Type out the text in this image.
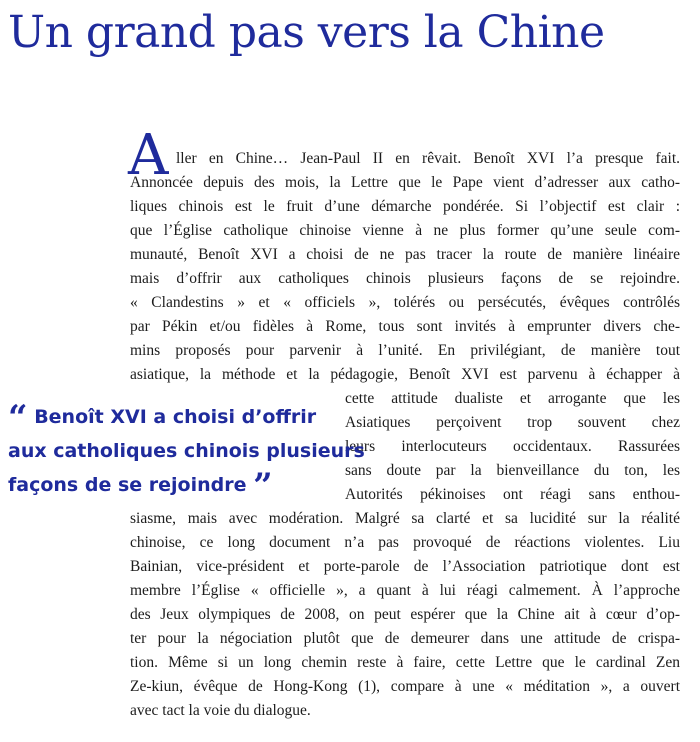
Un grand pas vers la Chine
A ller en Chine… Jean-Paul II en rêvait. Benoît XVI l’a presque fait.

Annoncée depuis des mois, la Lettre que le Pape vient d’adresser aux catho-

liques chinois est le fruit d’une démarche pondérée. Si l’objectif est clair :

que l’Église catholique chinoise vienne à ne plus former qu’une seule com-

munauté, Benoît XVI a choisi de ne pas tracer la route de manière linéaire

mais d’offrir aux catholiques chinois plusieurs façons de se rejoindre.

« Clandestins » et « officiels », tolérés ou persécutés, évêques contrôlés

par Pékin et/ou fidèles à Rome, tous sont invités à emprunter divers che-

mins proposés pour parvenir à l’unité. En privilégiant, de manière tout

asiatique, la méthode et la pédagogie, Benoît XVI est parvenu à échapper à

cette attitude dualiste et arrogante que les

Asiatiques perçoivent trop souvent chez

leurs interlocuteurs occidentaux. Rassurées

sans doute par la bienveillance du ton, les

Autorités pékinoises ont réagi sans enthou-

siasme, mais avec modération. Malgré sa clarté et sa lucidité sur la réalité

chinoise, ce long document n’a pas provoqué de réactions violentes. Liu

Bainian, vice-président et porte-parole de l’Association patriotique dont est

membre l’Église « officielle », a quant à lui réagi calmement. À l’approche

des Jeux olympiques de 2008, on peut espérer que la Chine ait à cœur d’op-

ter pour la négociation plutôt que de demeurer dans une attitude de crispa-

tion. Même si un long chemin reste à faire, cette Lettre que le cardinal Zen

Ze-kiun, évêque de Hong-Kong (1), compare à une « méditation », a ouvert

avec tact la voie du dialogue.

“ Benoît XVI a choisi d’offrir

aux catholiques chinois plusieurs

façons de se rejoindre ”
